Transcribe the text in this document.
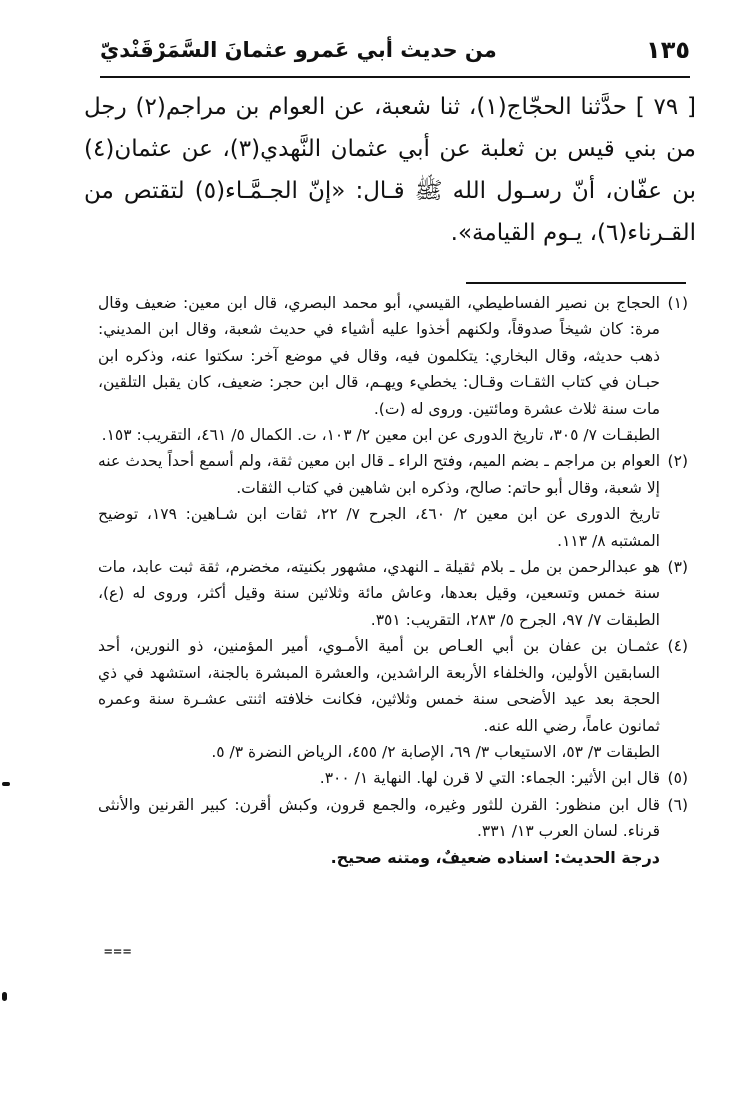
١٣٥
من حديث أبي عَمرو عثمانَ السَّمَرْقَنْديّ
[ ٧٩ ] حدَّثنا الحجّاج(١)، ثنا شعبة، عن العوام بن مراجم(٢) رجل من بني قيس بن ثعلبة عن أبي عثمان النَّهدي(٣)، عن عثمان(٤) بن عفّان، أنّ رسـول الله ﷺ قـال: «إنّ الجـمَّـاء(٥) لتقتص من القـرناء(٦)، يـوم القيامة».
(١)
الحجاج بن نصير الفساطيطي، القيسي، أبو محمد البصري، قال ابن معين: ضعيف وقال مرة: كان شيخاً صدوقاً، ولكنهم أخذوا عليه أشياء في حديث شعبة، وقال ابن المديني: ذهب حديثه، وقال البخاري: يتكلمون فيه، وقال في موضع آخر: سكتوا عنه، وذكره ابن حبـان في كتاب الثقـات وقـال: يخطيء ويهـم، قال ابن حجر: ضعيف، كان يقبل التلقين، مات سنة ثلاث عشرة ومائتين. وروى له (ت).
الطبقـات ٧/ ٣٠٥، تاريخ الدورى عن ابن معين ٢/ ١٠٣، ت. الكمال ٥/ ٤٦١، التقريب: ١٥٣.
(٢)
العوام بن مراجم ـ بضم الميم، وفتح الراء ـ قال ابن معين ثقة، ولم أسمع أحداً يحدث عنه إلا شعبة، وقال أبو حاتم: صالح، وذكره ابن شاهين في كتاب الثقات.
تاريخ الدورى عن ابن معين ٢/ ٤٦٠، الجرح ٧/ ٢٢، ثقات ابن شـاهين: ١٧٩، توضيح المشتبه ٨/ ١١٣.
(٣)
هو عبدالرحمن بن مل ـ بلام ثقيلة ـ النهدي، مشهور بكنيته، مخضرم، ثقة ثبت عابد، مات سنة خمس وتسعين، وقيل بعدها، وعاش مائة وثلاثين سنة وقيل أكثر، وروى له (ع)، الطبقات ٧/ ٩٧، الجرح ٥/ ٢٨٣، التقريب: ٣٥١.
(٤)
عثمـان بن عفان بن أبي العـاص بن أمية الأمـوي، أمير المؤمنين، ذو النورين، أحد السابقين الأولين، والخلفاء الأربعة الراشدين، والعشرة المبشرة بالجنة، استشهد في ذي الحجة بعد عيد الأضحى سنة خمس وثلاثين، فكانت خلافته اثنتى عشـرة سنة وعمره ثمانون عاماً، رضي الله عنه.
الطبقات ٣/ ٥٣، الاستيعاب ٣/ ٦٩، الإصابة ٢/ ٤٥٥، الرياض النضرة ٣/ ٥.
(٥)
قال ابن الأثير: الجماء: التي لا قرن لها. النهاية ١/ ٣٠٠.
(٦)
قال ابن منظور: القرن للثور وغيره، والجمع قرون، وكبش أقرن: كبير القرنين والأنثى قرناء. لسان العرب ١٣/ ٣٣١.
درجة الحديث: اسناده ضعيفٌ، ومتنه صحيح.
===
